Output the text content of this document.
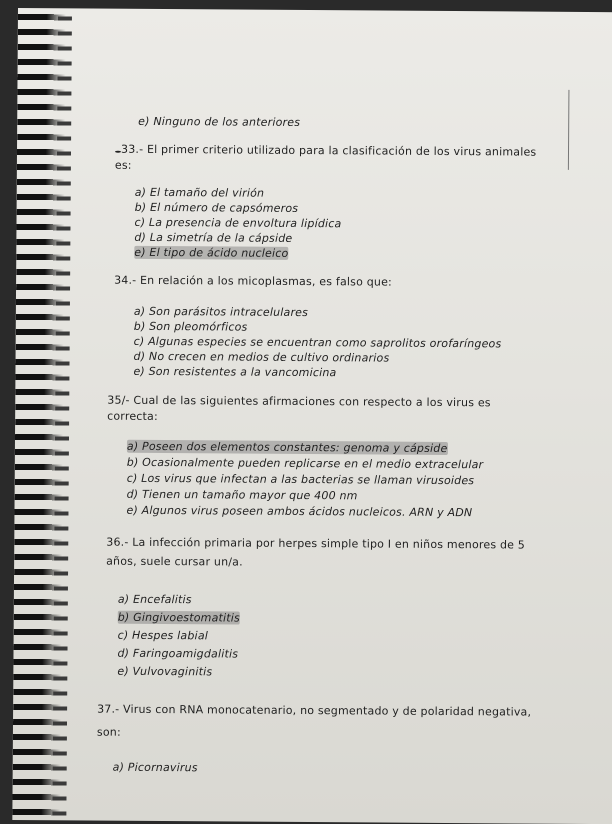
e) Ninguno de los anteriores
33.- El primer criterio utilizado para la clasificación de los virus animales
es:
a) El tamaño del virión
b) El número de capsómeros
c) La presencia de envoltura lipídica
d) La simetría de la cápside
e) El tipo de ácido nucleico
34.- En relación a los micoplasmas, es falso que:
a) Son parásitos intracelulares
b) Son pleomórficos
c) Algunas especies se encuentran como saprolitos orofaríngeos
d) No crecen en medios de cultivo ordinarios
e) Son resistentes a la vancomicina
35/- Cual de las siguientes afirmaciones con respecto a los virus es
correcta:
a) Poseen dos elementos constantes: genoma y cápside
b) Ocasionalmente pueden replicarse en el medio extracelular
c) Los virus que infectan a las bacterias se llaman virusoides
d) Tienen un tamaño mayor que 400 nm
e) Algunos virus poseen ambos ácidos nucleicos. ARN y ADN
36.- La infección primaria por herpes simple tipo I en niños menores de 5
años, suele cursar un/a.
a) Encefalitis
b) Gingivoestomatitis
c) Hespes labial
d) Faringoamigdalitis
e) Vulvovaginitis
37.- Virus con RNA monocatenario, no segmentado y de polaridad negativa,
son:
a) Picornavirus
